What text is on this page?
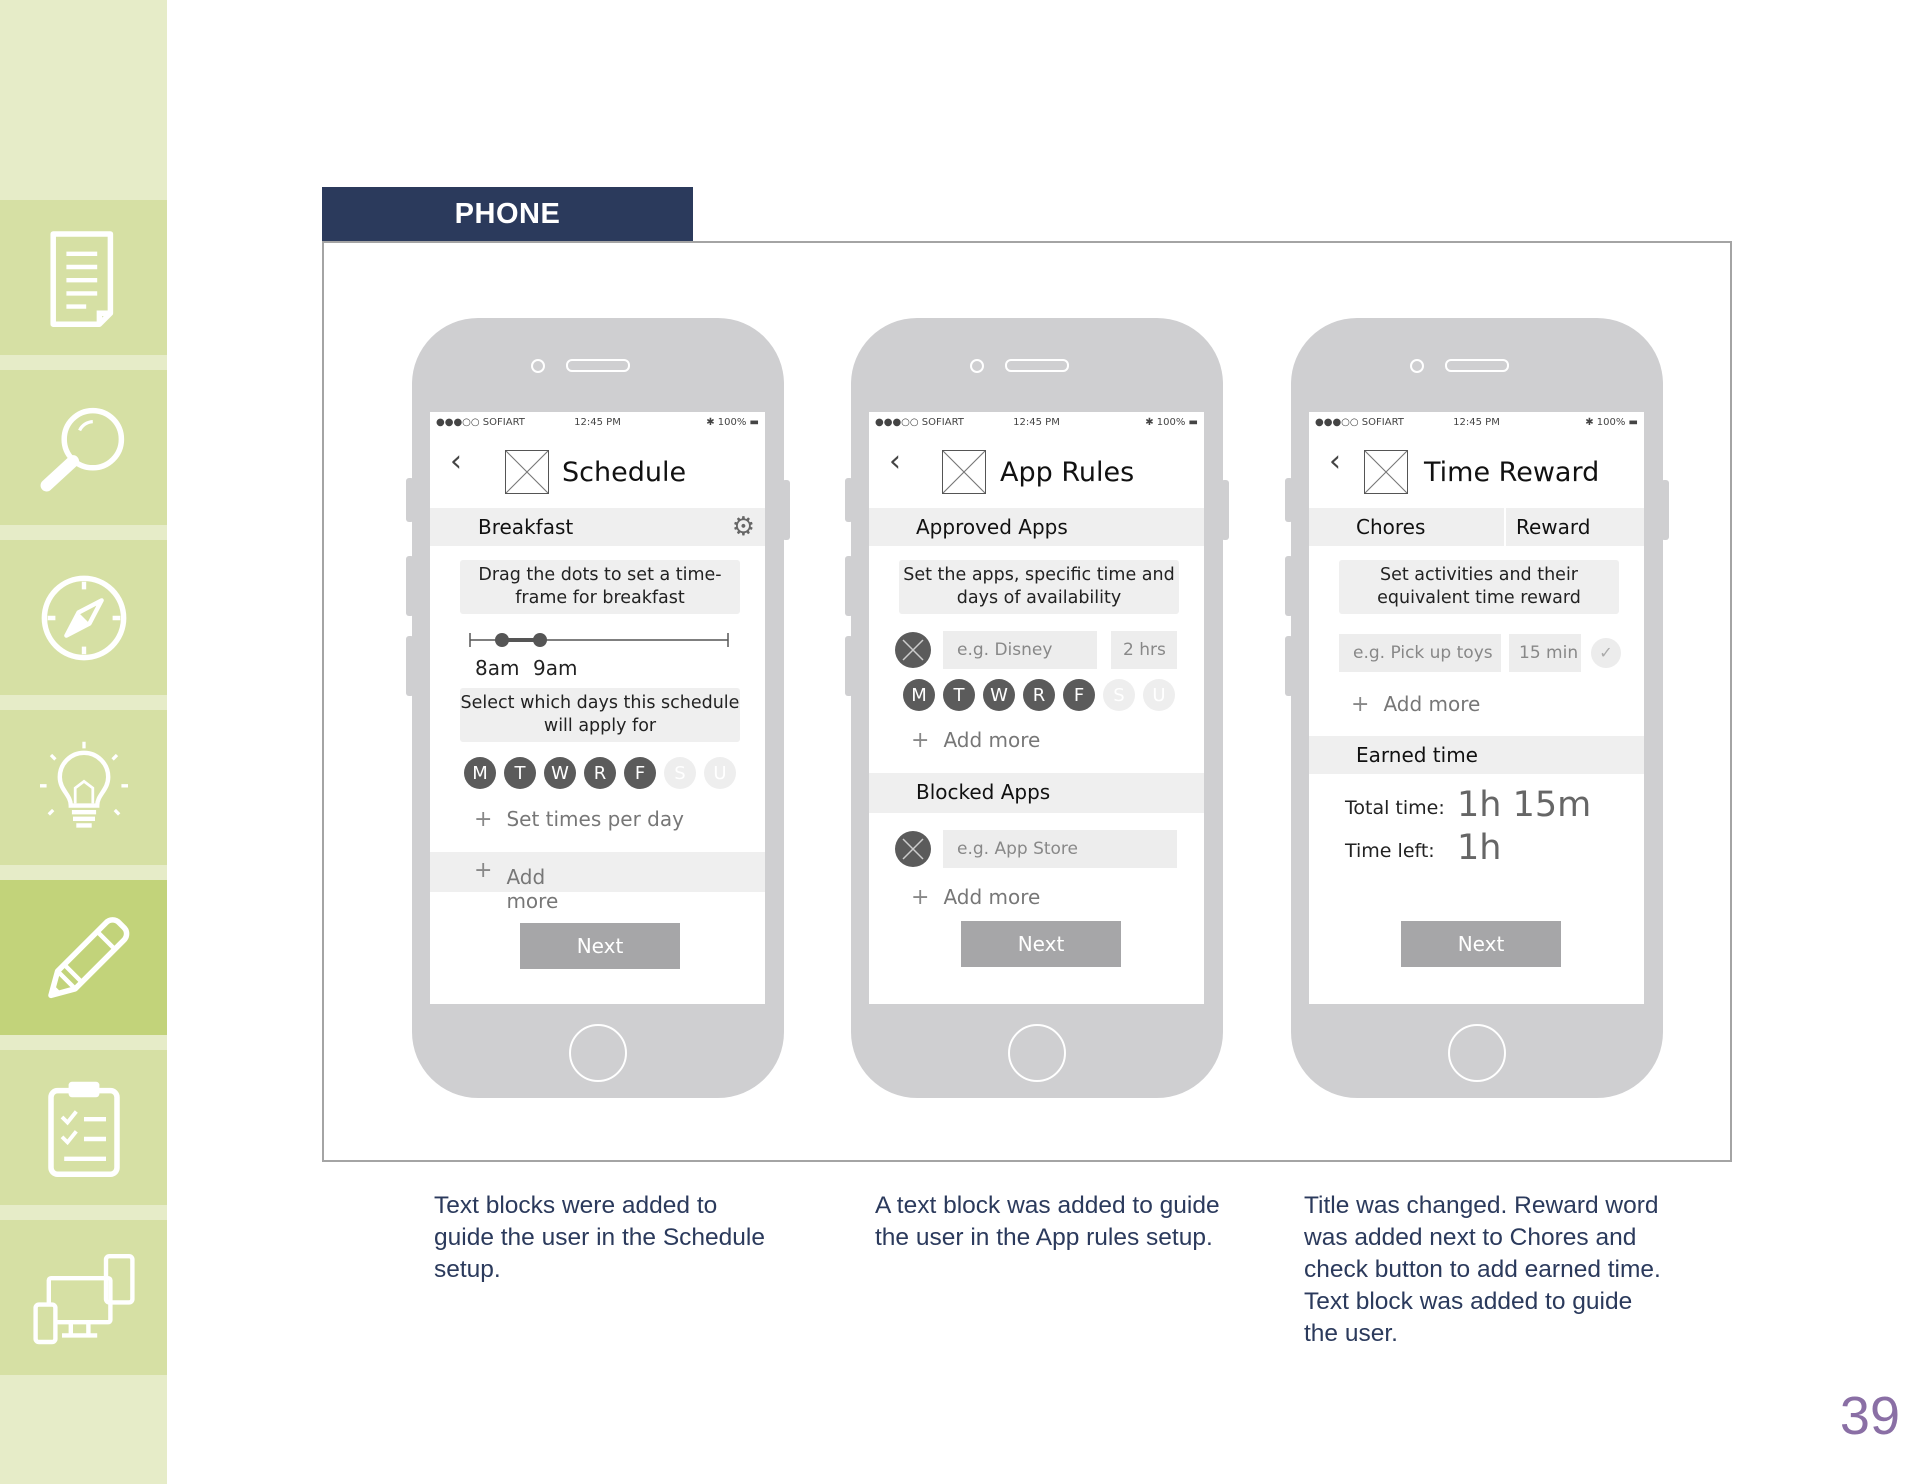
PHONE
●●●○○ SOFIART	12:45 PM	✱ 100% ▬
‹	Schedule
Breakfast	⚙
Drag the dots to set a time-frame for breakfast
8am 9am
Select which days this schedule will apply for
M	T	W	R	F	S	U
+ Set times per day
+ Add more
Next
●●●○○ SOFIART	12:45 PM	✱ 100% ▬
‹	App Rules
Approved Apps
Set the apps, specific time and days of availability
e.g. Disney	2 hrs
M	T	W	R	F	S	U
+ Add more
Blocked Apps
e.g. App Store
+ Add more
Next
●●●○○ SOFIART	12:45 PM	✱ 100% ▬
‹	Time Reward
Chores	Reward
Set activities and their equivalent time reward
e.g. Pick up toys	15 min	✓
+ Add more
Earned time
Total time: 1h 15m
Time left: 1h
Next
Text blocks were added to
guide the user in the Schedule
setup.
A text block was added to guide
the user in the App rules setup.
Title was changed. Reward word
was added next to Chores and
check button to add earned time.
Text block was added to guide
the user.
39
